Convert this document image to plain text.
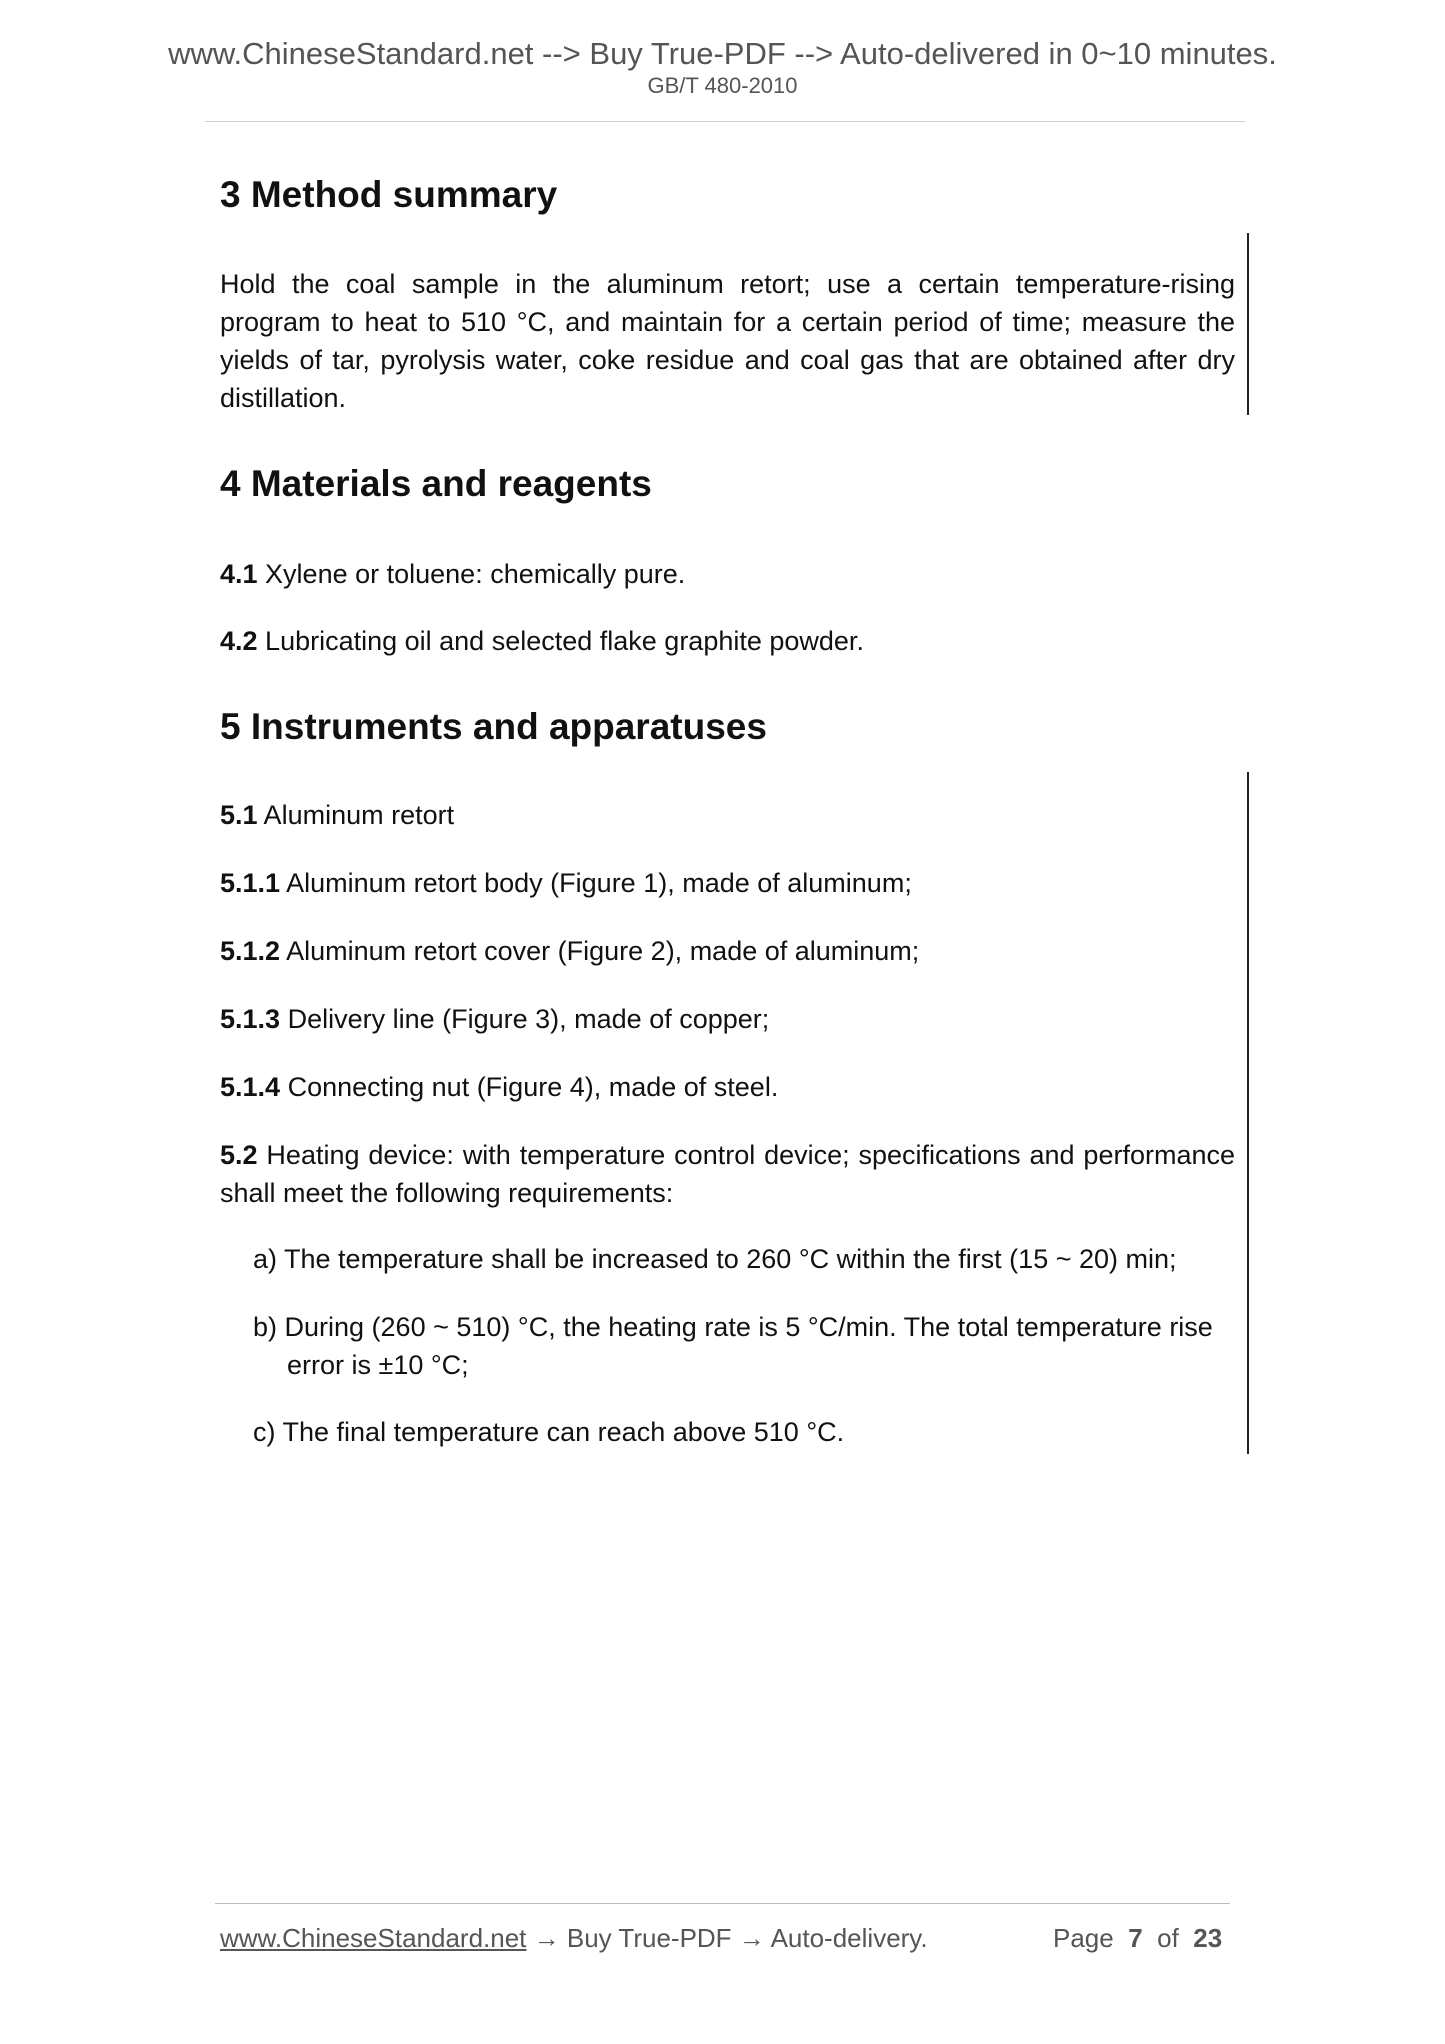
www.ChineseStandard.net --> Buy True-PDF --> Auto-delivered in 0~10 minutes.
GB/T 480-2010
3 Method summary

Hold the coal sample in the aluminum retort; use a certain temperature-rising program to heat to 510 °C, and maintain for a certain period of time; measure the yields of tar, pyrolysis water, coke residue and coal gas that are obtained after dry distillation.

4 Materials and reagents

4.1 Xylene or toluene: chemically pure.

4.2 Lubricating oil and selected flake graphite powder.

5 Instruments and apparatuses

5.1 Aluminum retort

5.1.1 Aluminum retort body (Figure 1), made of aluminum;

5.1.2 Aluminum retort cover (Figure 2), made of aluminum;

5.1.3 Delivery line (Figure 3), made of copper;

5.1.4 Connecting nut (Figure 4), made of steel.

5.2 Heating device: with temperature control device; specifications and performance shall meet the following requirements:

a) The temperature shall be increased to 260 °C within the first (15 ~ 20) min;

b) During (260 ~ 510) °C, the heating rate is 5 °C/min. The total temperature rise error is ±10 °C;

c) The final temperature can reach above 510 °C.

www.ChineseStandard.net → Buy True-PDF → Auto-delivery.	Page 7 of 23
